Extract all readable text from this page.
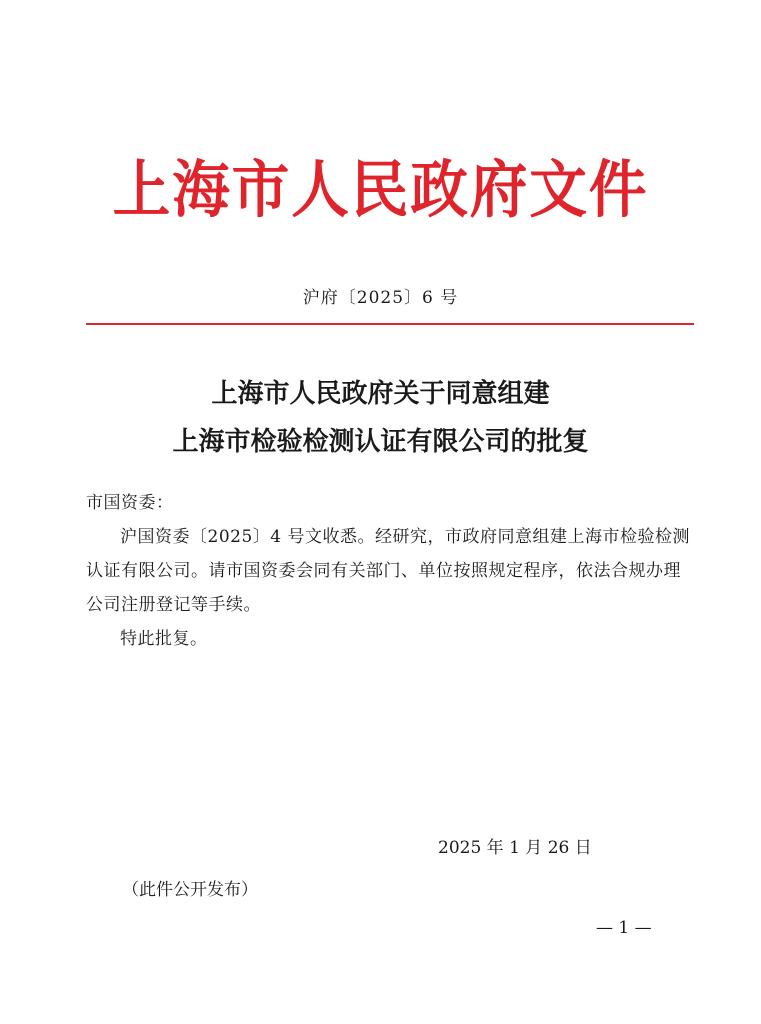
上海市人民政府文件
沪府〔2025〕6 号
上海市人民政府关于同意组建
上海市检验检测认证有限公司的批复

市国资委：

沪国资委〔2025〕4 号文收悉。经研究，市政府同意组建上海市检验检测认证有限公司。请市国资委会同有关部门、单位按照规定程序，依法合规办理公司注册登记等手续。

特此批复。

2025 年 1 月 26 日
（此件公开发布）
— 1 —
